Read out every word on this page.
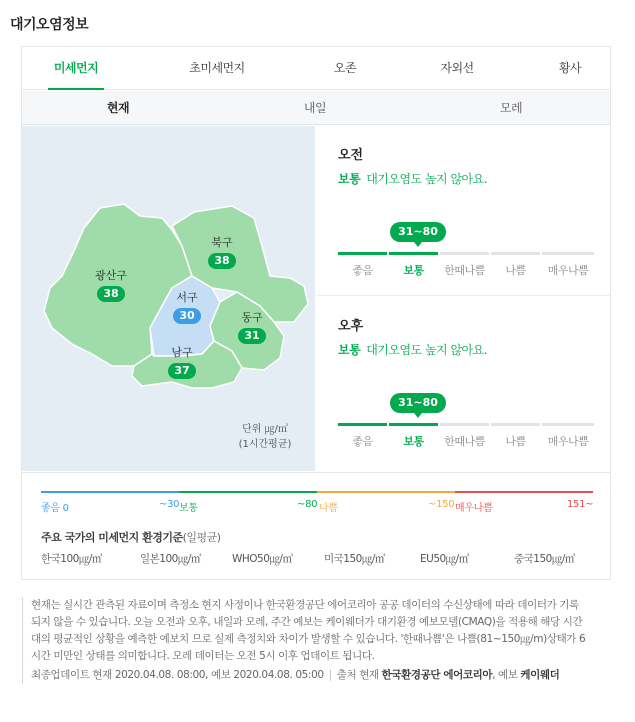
대기오염정보
미세먼지	초미세먼지	오존	자외선	황사
현재	내일	모레
광산구
38
북구
38
서구
30	동구
31
남구
37
단위 ㎍/㎥
(1시간평균)
오전
보통 대기오염도 높지 않아요.
31~80
좋음	보통	한때나쁨	나쁨	매우나쁨
오후
보통 대기오염도 높지 않아요.
31~80
좋음	보통	한때나쁨	나쁨	매우나쁨
좋음 0	~30 보통	~80 나쁨	~150 매우나쁨	151~
주요 국가의 미세먼지 환경기준(일평균)
한국100㎍/㎥	일본100㎍/㎥	WHO50㎍/㎥	미국150㎍/㎥	EU50㎍/㎥	중국150㎍/㎥
현재는 실시간 관측된 자료이며 측정소 현지 사정이나 한국환경공단 에어코리아 공공 데이터의 수신상태에 따라 데이터가 기록되지 않을 수 있습니다. 오늘 오전과 오후, 내일과 모레, 주간 예보는 케이웨더가 대기환경 예보모델(CMAQ)을 적용해 해당 시간대의 평균적인 상황을 예측한 예보치 므로 실제 측정치와 차이가 발생할 수 있습니다. '한때나쁨'은 나쁨(81~150㎍/m)상태가 6시간 미만인 상태를 의미합니다. 모레 데이터는 오전 5시 이후 업데이트 됩니다.
최종업데이트 현재 2020.04.08. 08:00, 예보 2020.04.08. 05:00 | 출처 현재 한국환경공단 에어코리아, 예보 케이웨더
